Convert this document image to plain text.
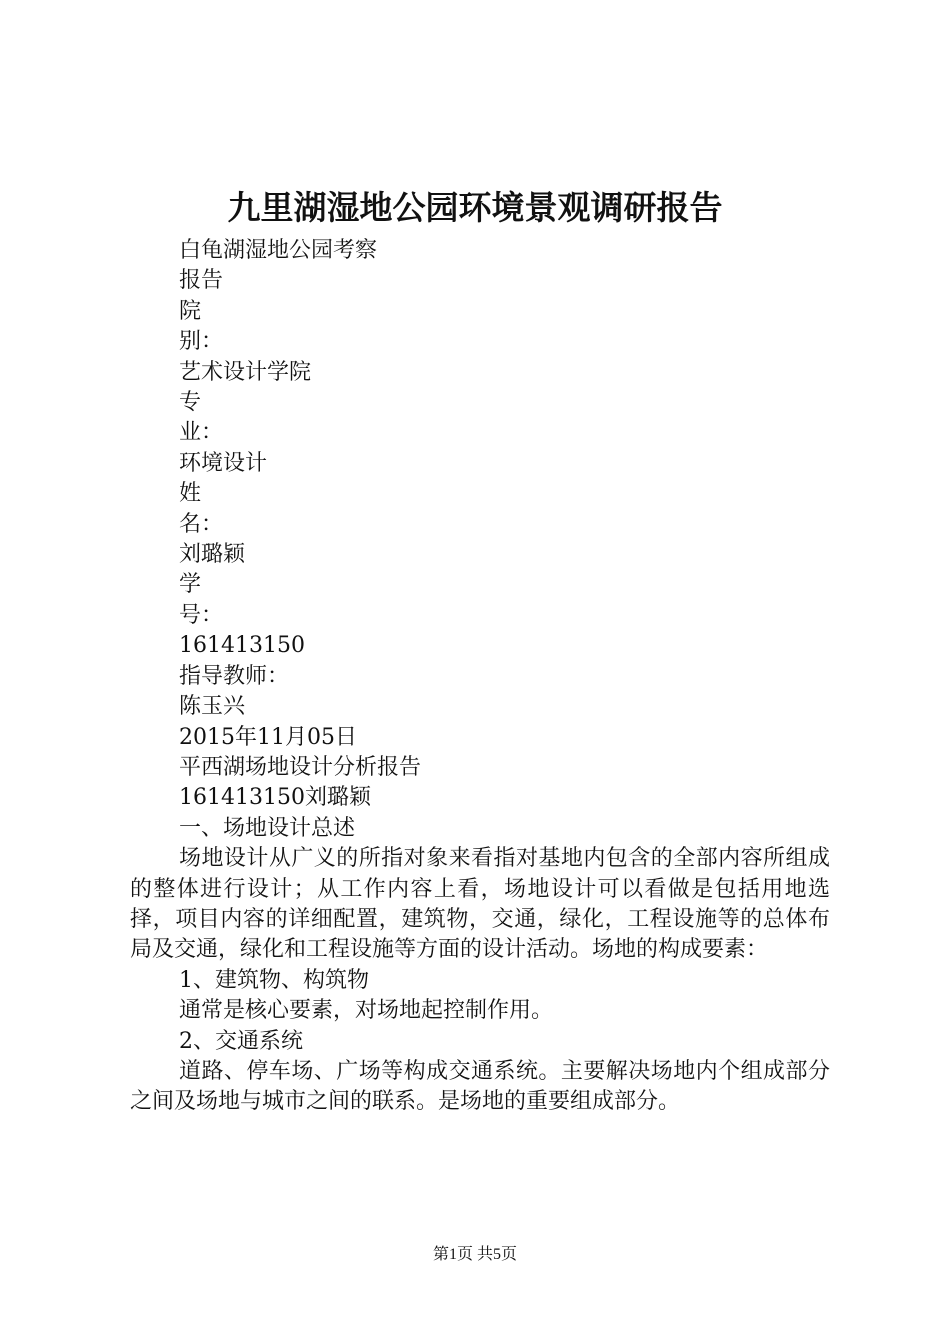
九里湖湿地公园环境景观调研报告
白龟湖湿地公园考察
报告
院
别：
艺术设计学院
专
业：
环境设计
姓
名：
刘璐颖
学
号：
161413150
指导教师：
陈玉兴
2015年11月05日
平西湖场地设计分析报告
161413150刘璐颖
一、场地设计总述
场地设计从广义的所指对象来看指对基地内包含的全部内容所组成的整体进行设计；从工作内容上看，场地设计可以看做是包括用地选择，项目内容的详细配置，建筑物，交通，绿化，工程设施等的总体布局及交通，绿化和工程设施等方面的设计活动。场地的构成要素：
1、建筑物、构筑物
通常是核心要素，对场地起控制作用。
2、交通系统
道路、停车场、广场等构成交通系统。主要解决场地内个组成部分之间及场地与城市之间的联系。是场地的重要组成部分。
第1页 共5页
